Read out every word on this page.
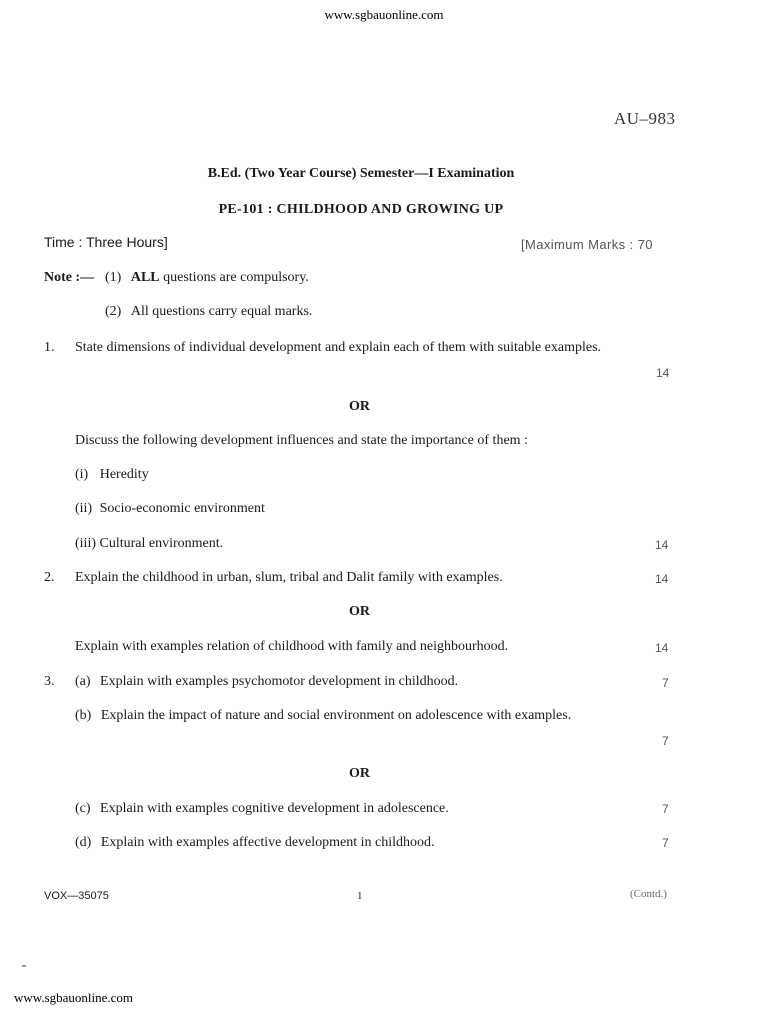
www.sgbauonline.com
AU–983
B.Ed. (Two Year Course) Semester—I Examination
PE-101 : CHILDHOOD AND GROWING UP
Time : Three Hours]	[Maximum Marks : 70
Note :— (1) ALL questions are compulsory.
(2) All questions carry equal marks.
1. State dimensions of individual development and explain each of them with suitable examples.
14
OR
Discuss the following development influences and state the importance of them :
(i) Heredity
(ii) Socio-economic environment
(iii) Cultural environment.	14
2. Explain the childhood in urban, slum, tribal and Dalit family with examples.	14
OR
Explain with examples relation of childhood with family and neighbourhood.	14
3. (a) Explain with examples psychomotor development in childhood.	7
(b) Explain the impact of nature and social environment on adolescence with examples.
7
OR
(c) Explain with examples cognitive development in adolescence.	7
(d) Explain with examples affective development in childhood.	7
VOX—35075	1	(Contd.)
www.sgbauonline.com
